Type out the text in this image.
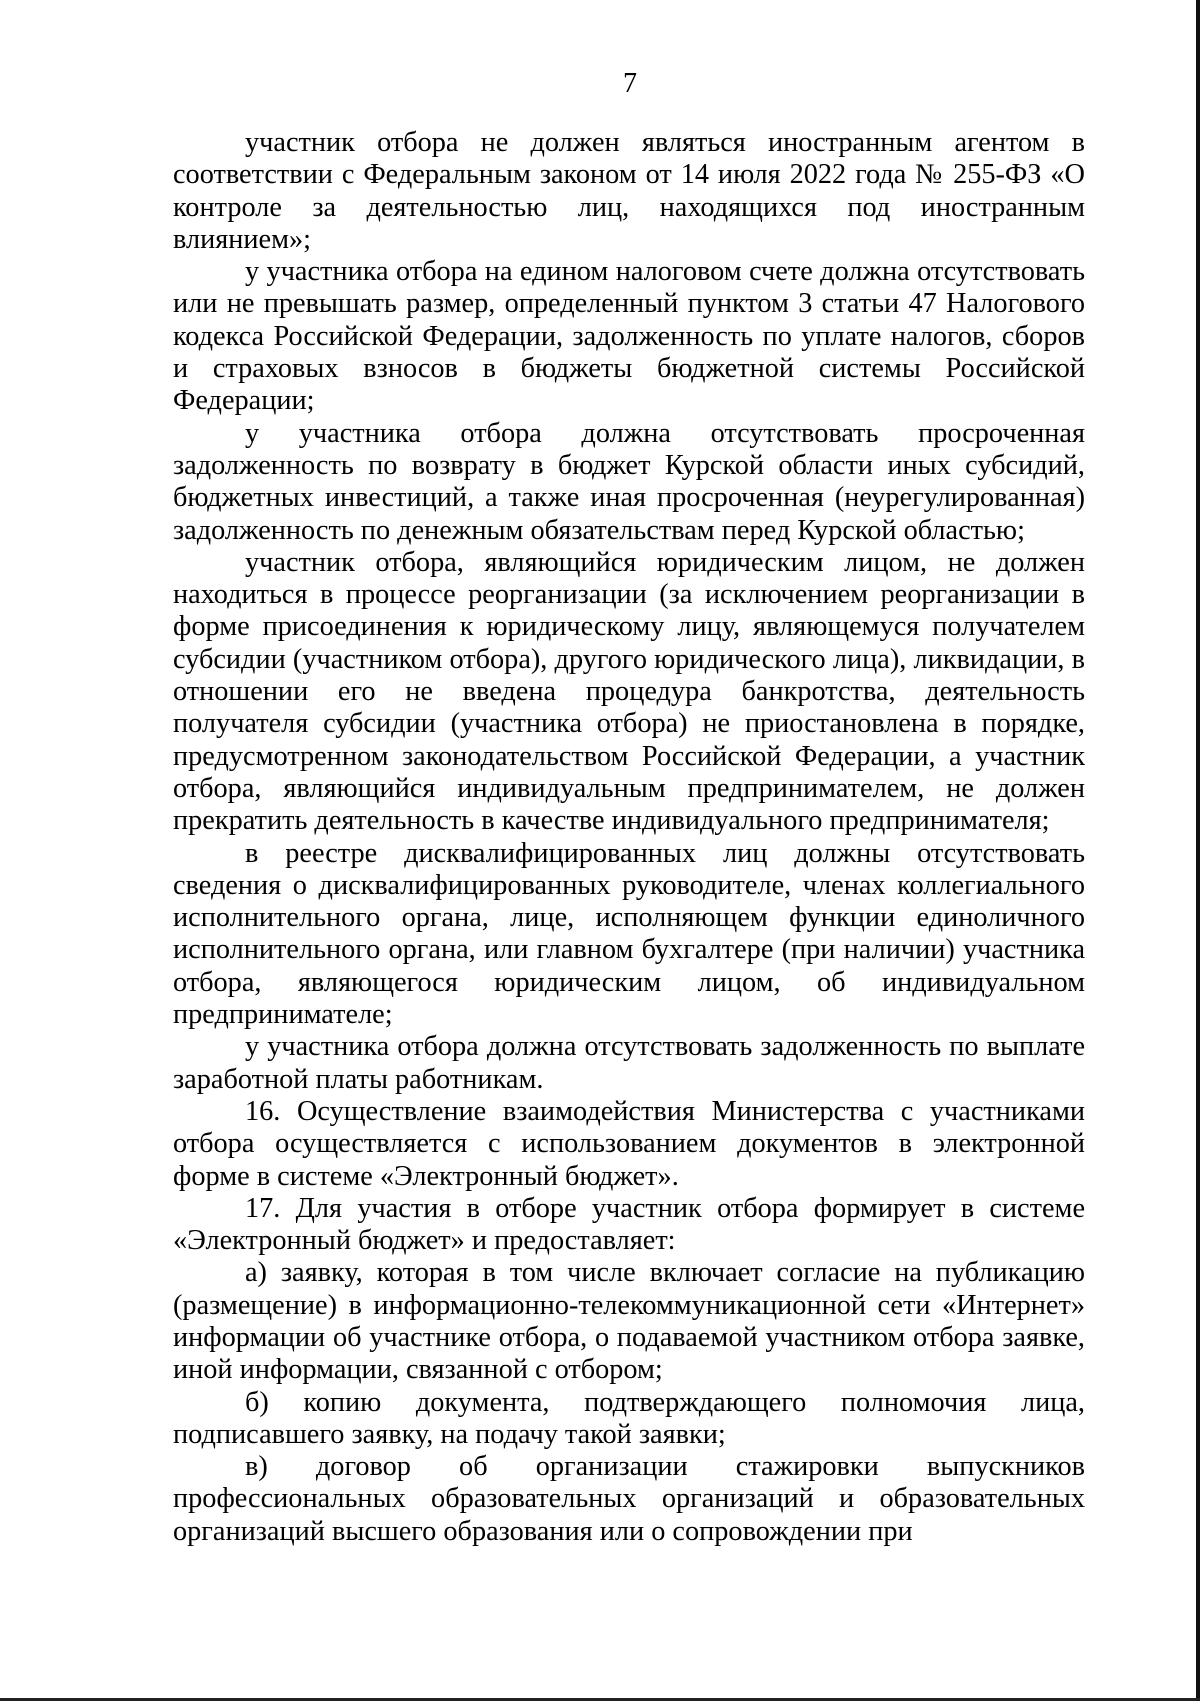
7

участник отбора не должен являться иностранным агентом в соответствии с Федеральным законом от 14 июля 2022 года № 255-ФЗ «О контроле за деятельностью лиц, находящихся под иностранным влиянием»;

у участника отбора на едином налоговом счете должна отсутствовать или не превышать размер, определенный пунктом 3 статьи 47 Налогового кодекса Российской Федерации, задолженность по уплате налогов, сборов и страховых взносов в бюджеты бюджетной системы Российской Федерации;

у участника отбора должна отсутствовать просроченная задолженность по возврату в бюджет Курской области иных субсидий, бюджетных инвестиций, а также иная просроченная (неурегулированная) задолженность по денежным обязательствам перед Курской областью;

участник отбора, являющийся юридическим лицом, не должен находиться в процессе реорганизации (за исключением реорганизации в форме присоединения к юридическому лицу, являющемуся получателем субсидии (участником отбора), другого юридического лица), ликвидации, в отношении его не введена процедура банкротства, деятельность получателя субсидии (участника отбора) не приостановлена в порядке, предусмотренном законодательством Российской Федерации, а участник отбора, являющийся индивидуальным предпринимателем, не должен прекратить деятельность в качестве индивидуального предпринимателя;

в реестре дисквалифицированных лиц должны отсутствовать сведения о дисквалифицированных руководителе, членах коллегиального исполнительного органа, лице, исполняющем функции единоличного исполнительного органа, или главном бухгалтере (при наличии) участника отбора, являющегося юридическим лицом, об индивидуальном предпринимателе;

у участника отбора должна отсутствовать задолженность по выплате заработной платы работникам.

16. Осуществление взаимодействия Министерства с участниками отбора осуществляется с использованием документов в электронной форме в системе «Электронный бюджет».

17. Для участия в отборе участник отбора формирует в системе «Электронный бюджет» и предоставляет:

а) заявку, которая в том числе включает согласие на публикацию (размещение) в информационно-телекоммуникационной сети «Интернет» информации об участнике отбора, о подаваемой участником отбора заявке, иной информации, связанной с отбором;

б) копию документа, подтверждающего полномочия лица, подписавшего заявку, на подачу такой заявки;

в) договор об организации стажировки выпускников профессиональных образовательных организаций и образовательных организаций высшего образования или о сопровождении при
